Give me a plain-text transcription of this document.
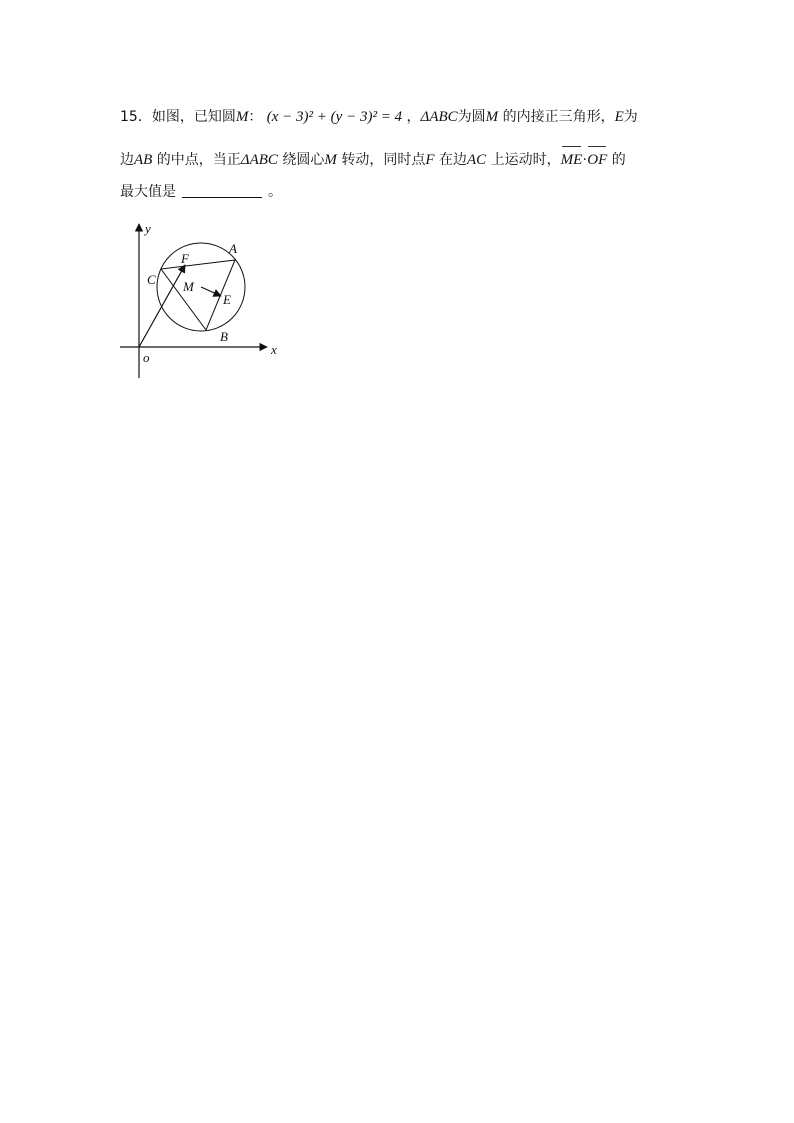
15．如图，已知圆M： (x − 3)² + (y − 3)² = 4 ，ΔABC为圆M 的内接正三角形，E为
边AB 的中点，当正ΔABC 绕圆心M 转动，同时点F 在边AC 上运动时，ME·OF 的
最大值是	。
y
x
o
A
B
C
F
M
E
